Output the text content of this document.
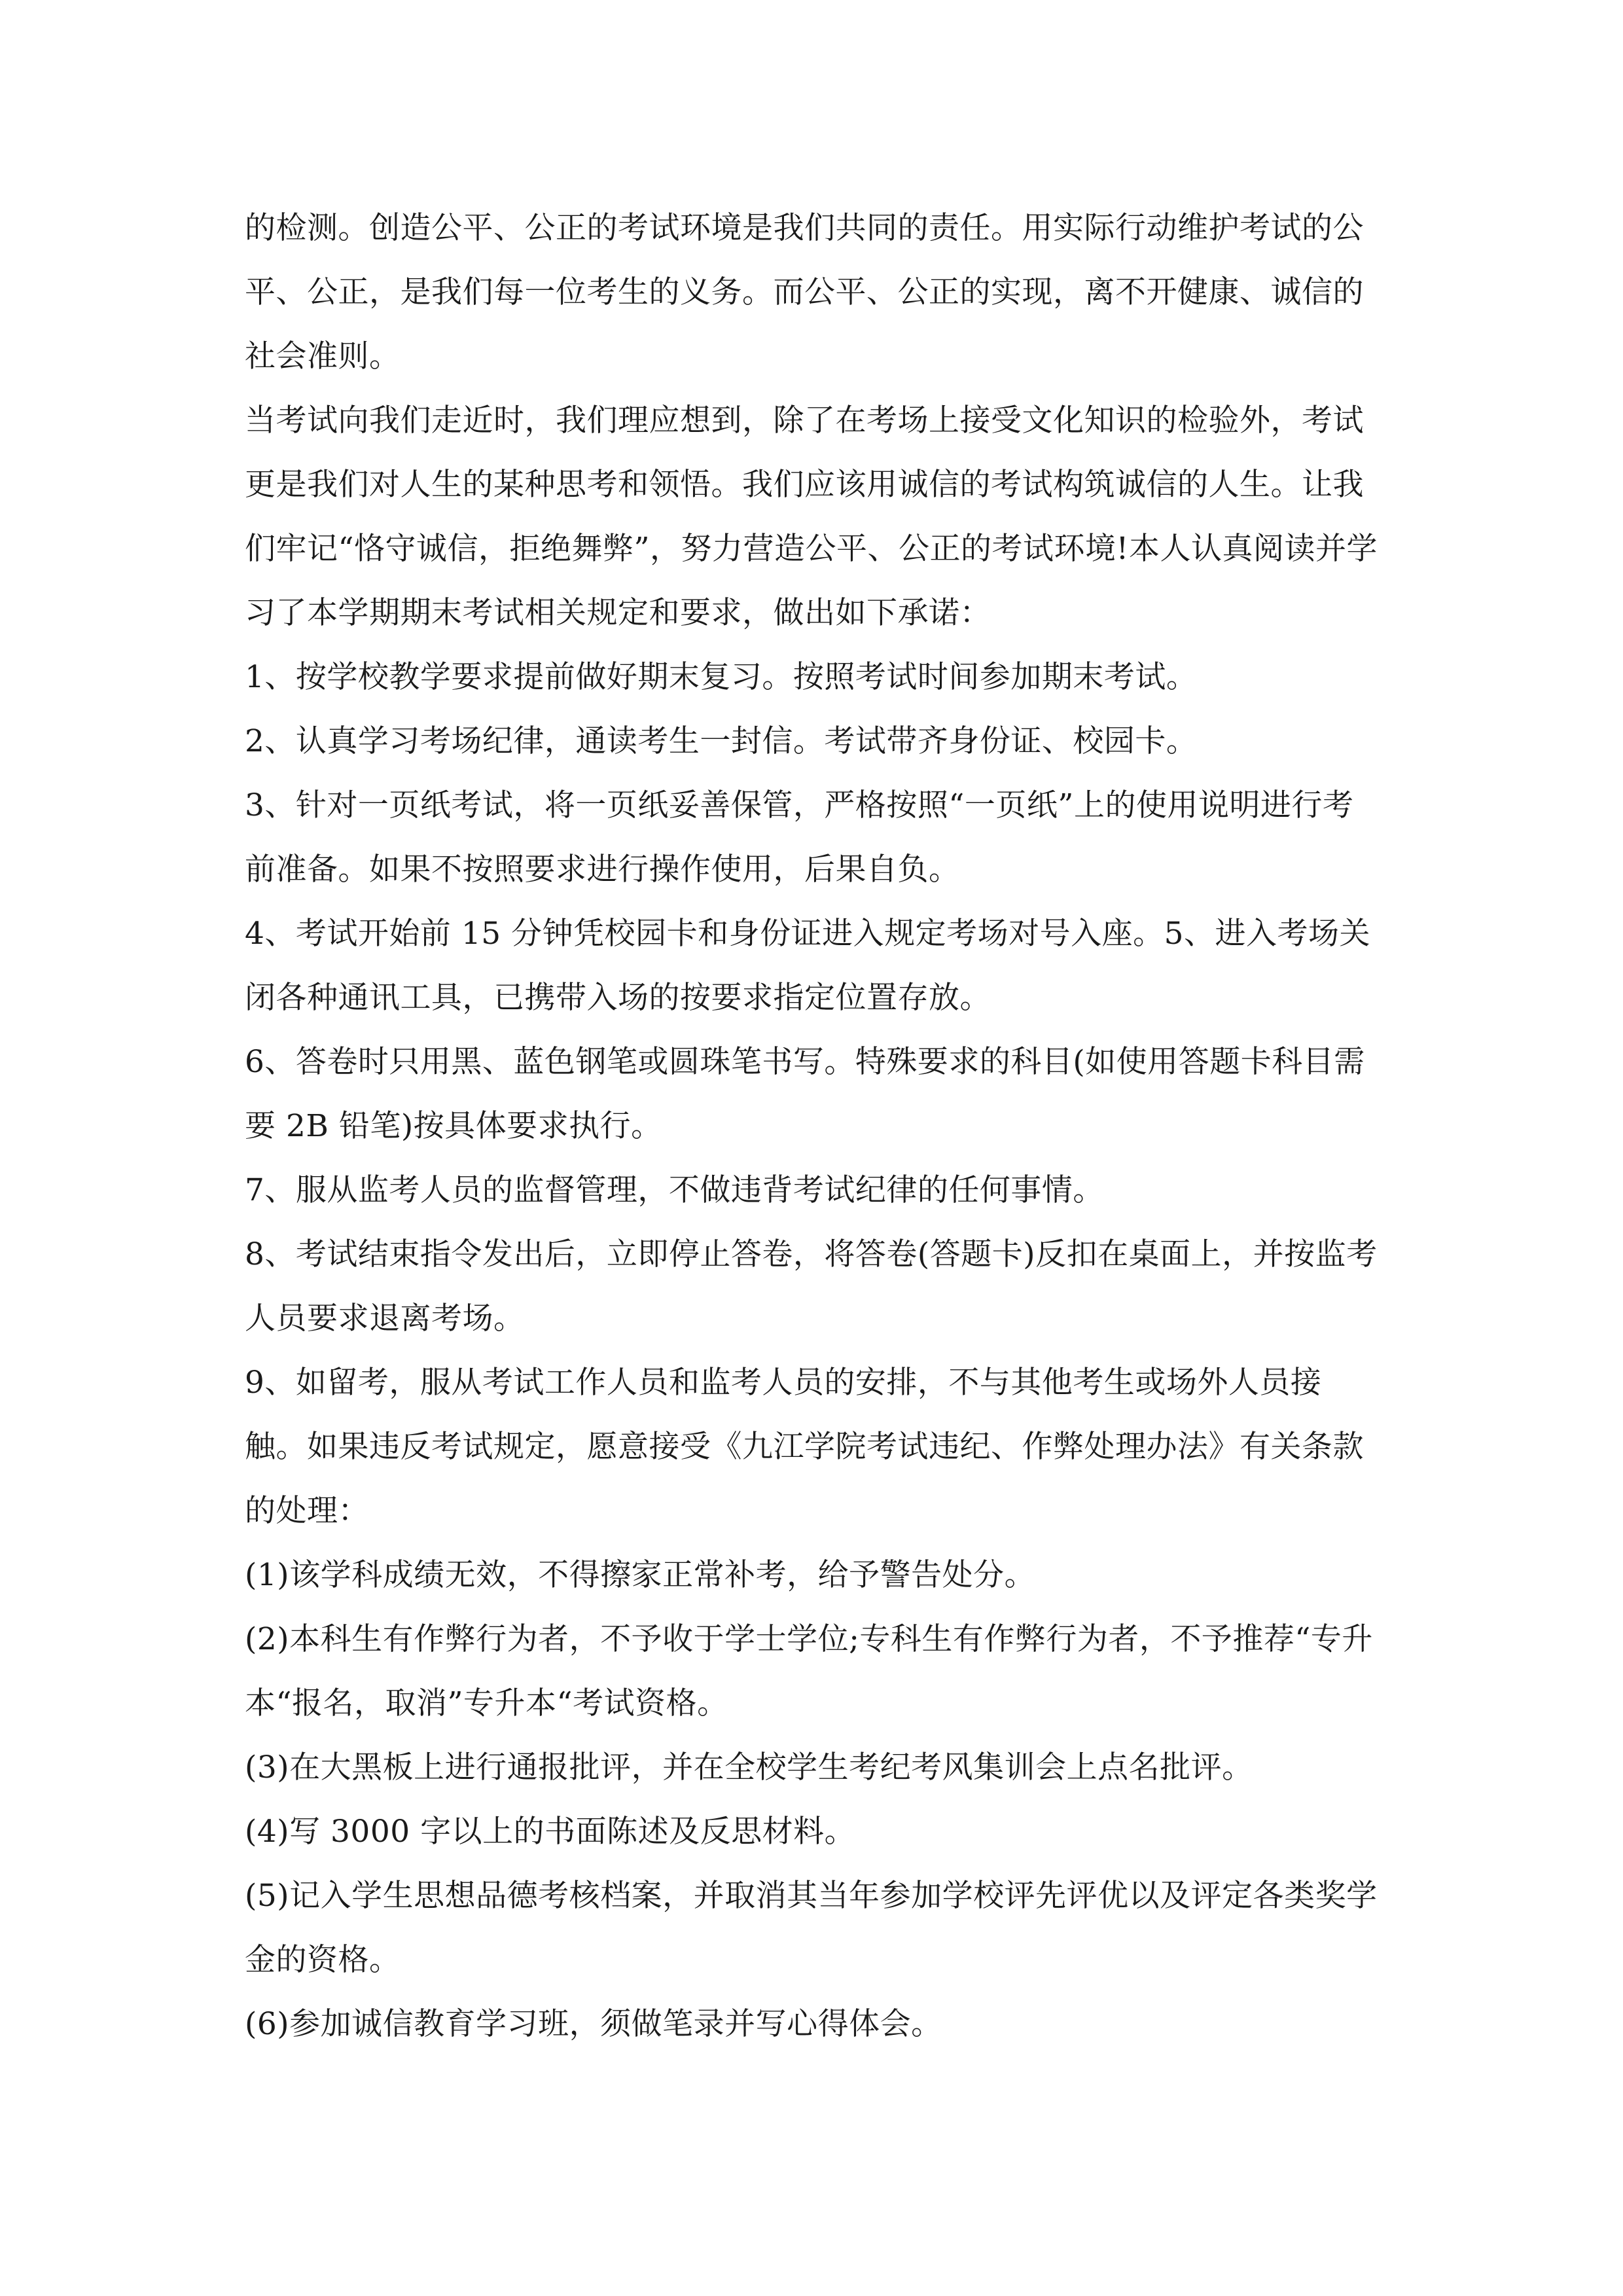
的检测。创造公平、公正的考试环境是我们共同的责任。用实际行动维护考试的公平、公正，是我们每一位考生的义务。而公平、公正的实现，离不开健康、诚信的社会准则。

当考试向我们走近时，我们理应想到，除了在考场上接受文化知识的检验外，考试更是我们对人生的某种思考和领悟。我们应该用诚信的考试构筑诚信的人生。让我们牢记“恪守诚信，拒绝舞弊”，努力营造公平、公正的考试环境!本人认真阅读并学习了本学期期末考试相关规定和要求，做出如下承诺：

1、按学校教学要求提前做好期末复习。按照考试时间参加期末考试。

2、认真学习考场纪律，通读考生一封信。考试带齐身份证、校园卡。

3、针对一页纸考试，将一页纸妥善保管，严格按照“一页纸”上的使用说明进行考前准备。如果不按照要求进行操作使用，后果自负。

4、考试开始前 15 分钟凭校园卡和身份证进入规定考场对号入座。5、进入考场关闭各种通讯工具，已携带入场的按要求指定位置存放。

6、答卷时只用黑、蓝色钢笔或圆珠笔书写。特殊要求的科目(如使用答题卡科目需要 2B 铅笔)按具体要求执行。

7、服从监考人员的监督管理，不做违背考试纪律的任何事情。

8、考试结束指令发出后，立即停止答卷，将答卷(答题卡)反扣在桌面上，并按监考人员要求退离考场。

9、如留考，服从考试工作人员和监考人员的安排，不与其他考生或场外人员接触。如果违反考试规定，愿意接受《九江学院考试违纪、作弊处理办法》有关条款的处理：

(1)该学科成绩无效，不得擦家正常补考，给予警告处分。

(2)本科生有作弊行为者，不予收于学士学位;专科生有作弊行为者，不予推荐“专升本“报名，取消”专升本“考试资格。

(3)在大黑板上进行通报批评，并在全校学生考纪考风集训会上点名批评。

(4)写 3000 字以上的书面陈述及反思材料。

(5)记入学生思想品德考核档案，并取消其当年参加学校评先评优以及评定各类奖学金的资格。

(6)参加诚信教育学习班，须做笔录并写心得体会。
